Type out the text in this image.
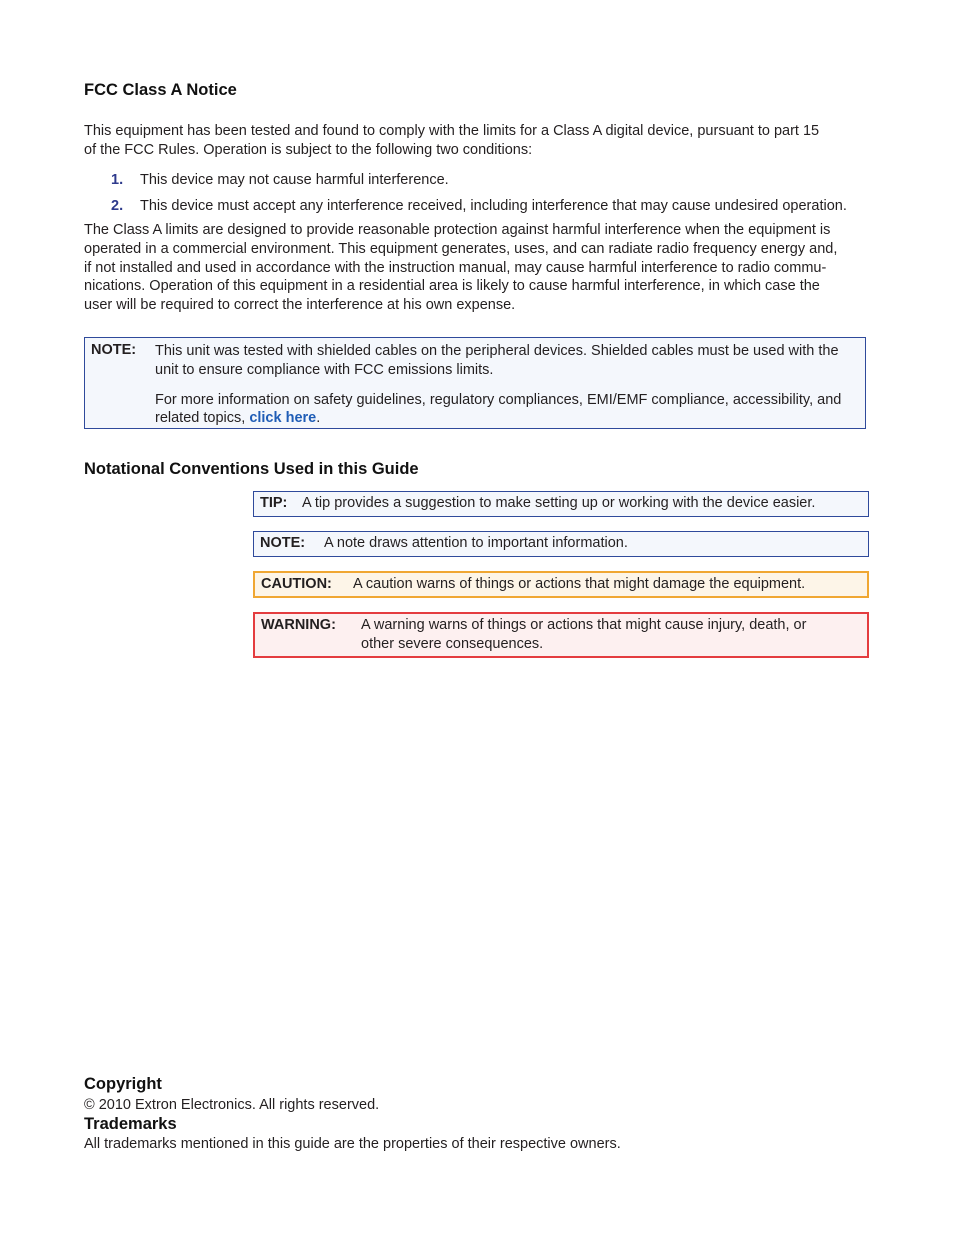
FCC Class A Notice
This equipment has been tested and found to comply with the limits for a Class A digital device, pursuant to part 15
of the FCC Rules. Operation is subject to the following two conditions:
1. This device may not cause harmful interference.
2. This device must accept any interference received, including interference that may cause undesired operation.
The Class A limits are designed to provide reasonable protection against harmful interference when the equipment is
operated in a commercial environment. This equipment generates, uses, and can radiate radio frequency energy and,
if not installed and used in accordance with the instruction manual, may cause harmful interference to radio commu-
nications. Operation of this equipment in a residential area is likely to cause harmful interference, in which case the
user will be required to correct the interference at his own expense.
NOTE: This unit was tested with shielded cables on the peripheral devices. Shielded cables must be used with the unit to ensure compliance with FCC emissions limits.

For more information on safety guidelines, regulatory compliances, EMI/EMF compliance, accessibility, and related topics, click here.

Notational Conventions Used in this Guide
TIP: A tip provides a suggestion to make setting up or working with the device easier.
NOTE: A note draws attention to important information.
CAUTION: A caution warns of things or actions that might damage the equipment.
WARNING: A warning warns of things or actions that might cause injury, death, or
other severe consequences.
Copyright
© 2010 Extron Electronics. All rights reserved.
Trademarks
All trademarks mentioned in this guide are the properties of their respective owners.
